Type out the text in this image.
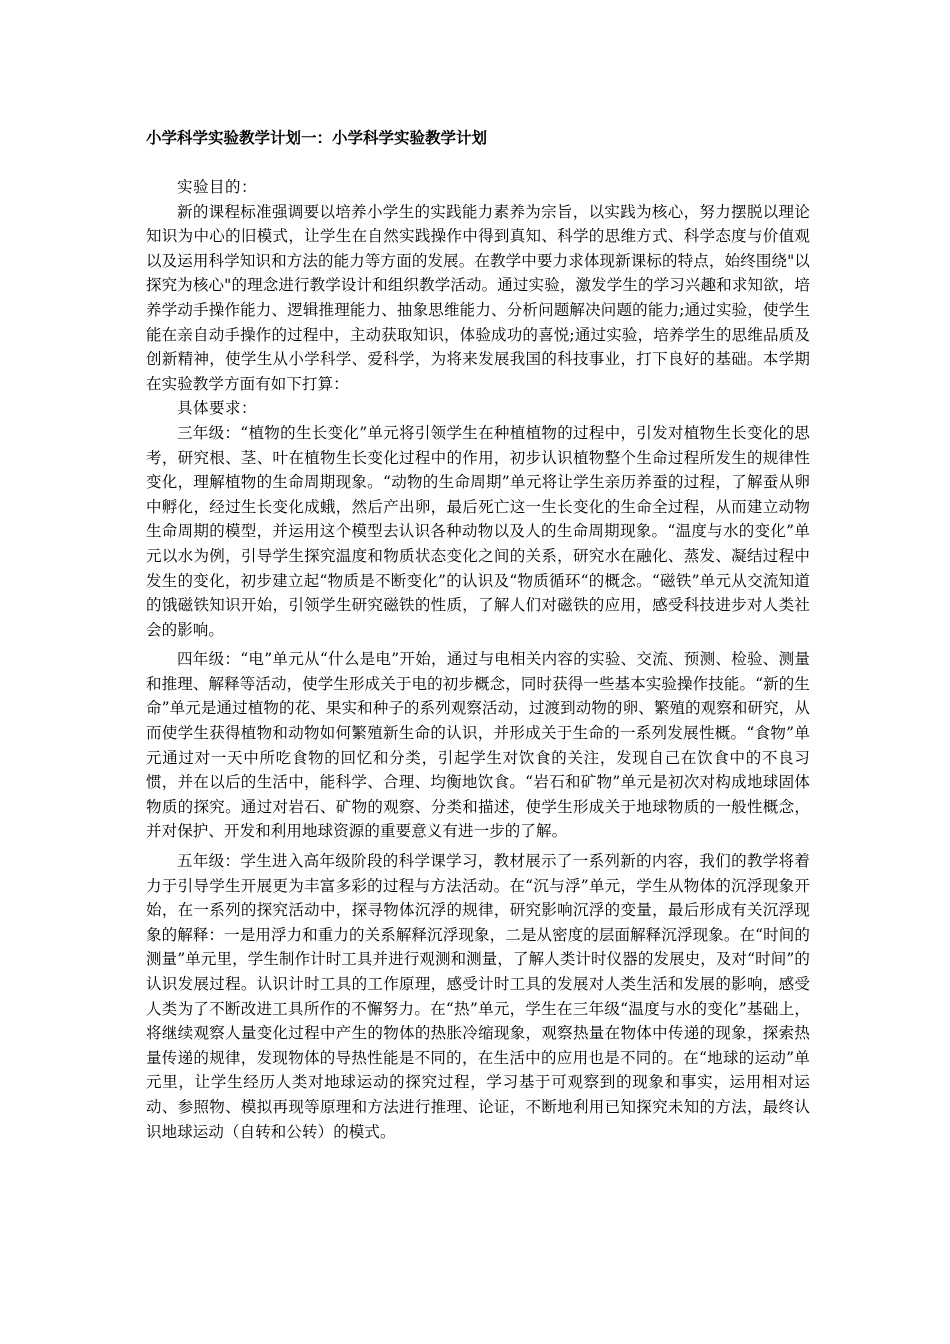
小学科学实验教学计划一：小学科学实验教学计划

实验目的：

新的课程标准强调要以培养小学生的实践能力素养为宗旨，以实践为核心，努力摆脱以理论知识为中心的旧模式，让学生在自然实践操作中得到真知、科学的思维方式、科学态度与价值观以及运用科学知识和方法的能力等方面的发展。在教学中要力求体现新课标的特点，始终围绕"以探究为核心"的理念进行教学设计和组织教学活动。通过实验，激发学生的学习兴趣和求知欲，培养学动手操作能力、逻辑推理能力、抽象思维能力、分析问题解决问题的能力;通过实验，使学生能在亲自动手操作的过程中，主动获取知识，体验成功的喜悦;通过实验，培养学生的思维品质及创新精神，使学生从小学科学、爱科学，为将来发展我国的科技事业，打下良好的基础。本学期在实验教学方面有如下打算：

具体要求：

三年级：“植物的生长变化”单元将引领学生在种植植物的过程中，引发对植物生长变化的思考，研究根、茎、叶在植物生长变化过程中的作用，初步认识植物整个生命过程所发生的规律性变化，理解植物的生命周期现象。“动物的生命周期”单元将让学生亲历养蚕的过程，了解蚕从卵中孵化，经过生长变化成蛾，然后产出卵，最后死亡这一生长变化的生命全过程，从而建立动物生命周期的模型，并运用这个模型去认识各种动物以及人的生命周期现象。“温度与水的变化”单元以水为例，引导学生探究温度和物质状态变化之间的关系，研究水在融化、蒸发、凝结过程中发生的变化，初步建立起“物质是不断变化”的认识及“物质循环“的概念。“磁铁”单元从交流知道的饿磁铁知识开始，引领学生研究磁铁的性质，了解人们对磁铁的应用，感受科技进步对人类社会的影响。

四年级：“电”单元从“什么是电”开始，通过与电相关内容的实验、交流、预测、检验、测量和推理、解释等活动，使学生形成关于电的初步概念，同时获得一些基本实验操作技能。“新的生命”单元是通过植物的花、果实和种子的系列观察活动，过渡到动物的卵、繁殖的观察和研究，从而使学生获得植物和动物如何繁殖新生命的认识，并形成关于生命的一系列发展性概。“食物”单元通过对一天中所吃食物的回忆和分类，引起学生对饮食的关注，发现自己在饮食中的不良习惯，并在以后的生活中，能科学、合理、均衡地饮食。“岩石和矿物”单元是初次对构成地球固体物质的探究。通过对岩石、矿物的观察、分类和描述，使学生形成关于地球物质的一般性概念，并对保护、开发和利用地球资源的重要意义有进一步的了解。

五年级：学生进入高年级阶段的科学课学习，教材展示了一系列新的内容，我们的教学将着力于引导学生开展更为丰富多彩的过程与方法活动。在“沉与浮”单元，学生从物体的沉浮现象开始，在一系列的探究活动中，探寻物体沉浮的规律，研究影响沉浮的变量，最后形成有关沉浮现象的解释：一是用浮力和重力的关系解释沉浮现象，二是从密度的层面解释沉浮现象。在“时间的测量”单元里，学生制作计时工具并进行观测和测量，了解人类计时仪器的发展史，及对“时间”的认识发展过程。认识计时工具的工作原理，感受计时工具的发展对人类生活和发展的影响，感受人类为了不断改进工具所作的不懈努力。在“热”单元，学生在三年级“温度与水的变化”基础上，将继续观察人量变化过程中产生的物体的热胀冷缩现象，观察热量在物体中传递的现象，探索热量传递的规律，发现物体的导热性能是不同的，在生活中的应用也是不同的。在“地球的运动”单元里，让学生经历人类对地球运动的探究过程，学习基于可观察到的现象和事实，运用相对运动、参照物、模拟再现等原理和方法进行推理、论证，不断地利用已知探究未知的方法，最终认识地球运动（自转和公转）的模式。
